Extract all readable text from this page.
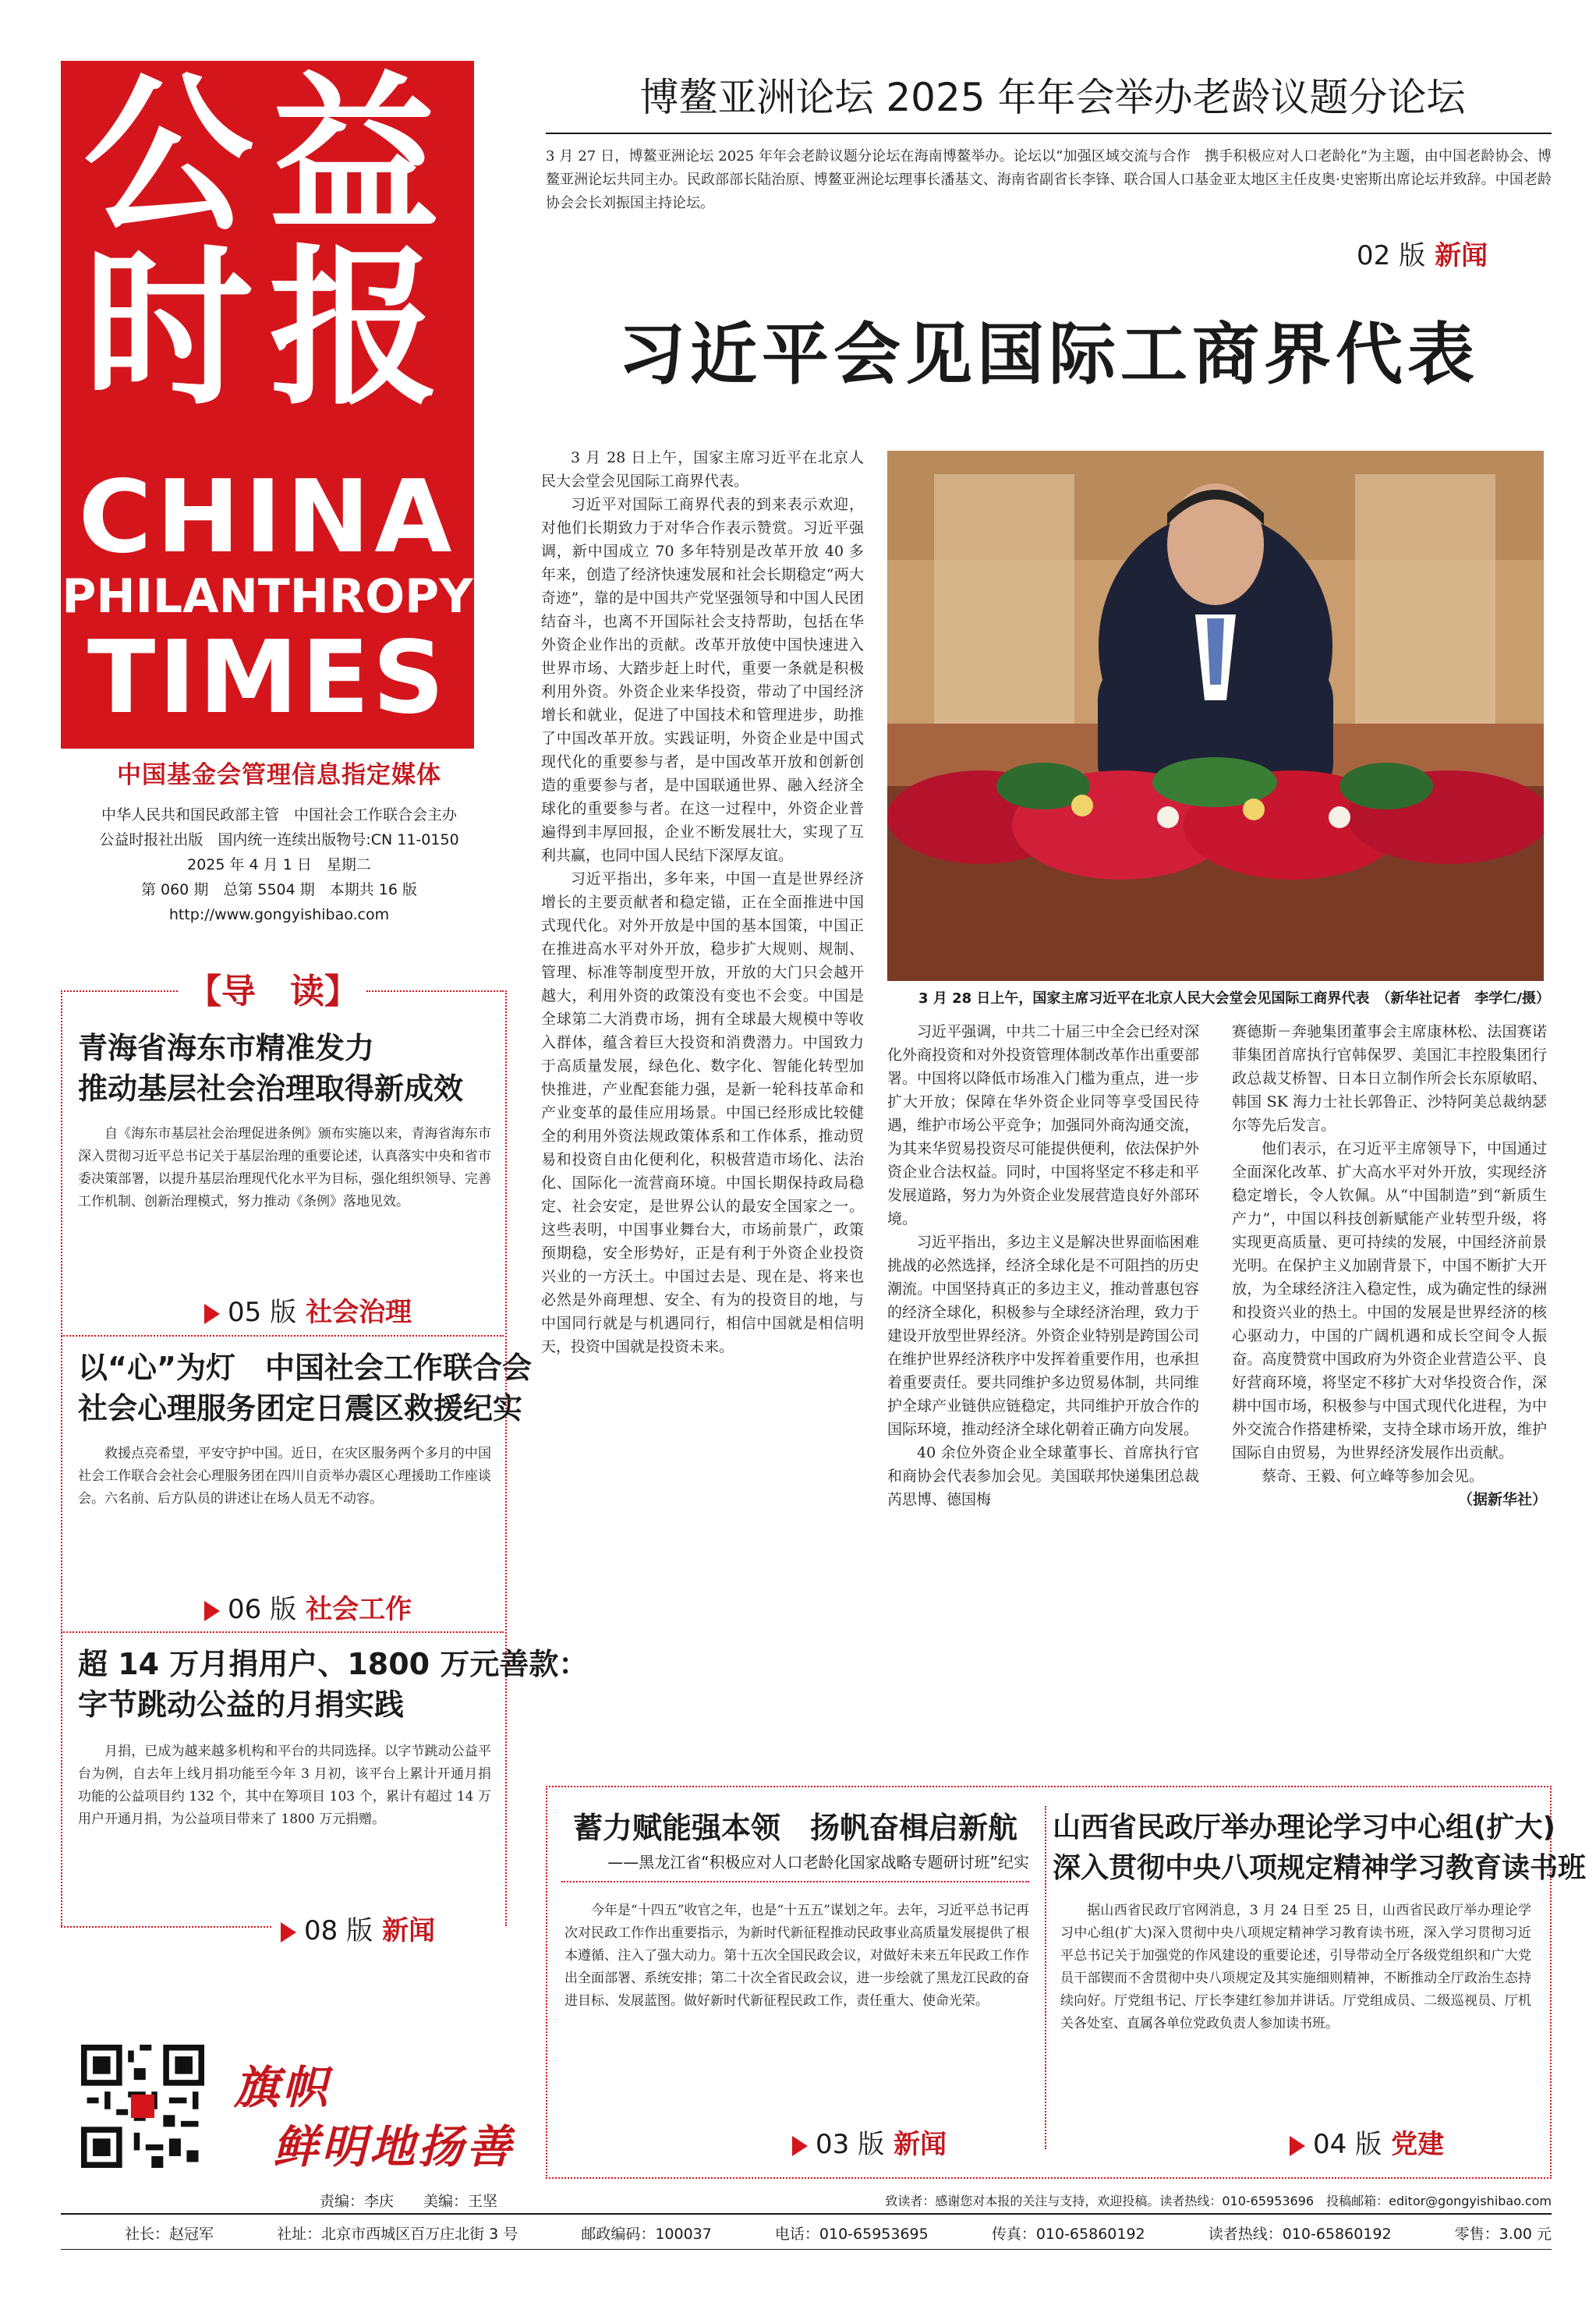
公益
时报
CHINA
PHILANTHROPY
TIMES
中国基金会管理信息指定媒体
中华人民共和国民政部主管　中国社会工作联合会主办
公益时报社出版　国内统一连续出版物号:CN 11-0150
2025 年 4 月 1 日　星期二
第 060 期　总第 5504 期　本期共 16 版
http://www.gongyishibao.com
博鳌亚洲论坛 2025 年年会举办老龄议题分论坛
3 月 27 日，博鳌亚洲论坛 2025 年年会老龄议题分论坛在海南博鳌举办。论坛以“加强区域交流与合作　携手积极应对人口老龄化”为主题，由中国老龄协会、博鳌亚洲论坛共同主办。民政部部长陆治原、博鳌亚洲论坛理事长潘基文、海南省副省长李锋、联合国人口基金亚太地区主任皮奥·史密斯出席论坛并致辞。中国老龄协会会长刘振国主持论坛。
02 版 新闻
习近平会见国际工商界代表

3 月 28 日上午，国家主席习近平在北京人民大会堂会见国际工商界代表。

习近平对国际工商界代表的到来表示欢迎，对他们长期致力于对华合作表示赞赏。习近平强调，新中国成立 70 多年特别是改革开放 40 多年来，创造了经济快速发展和社会长期稳定“两大奇迹”，靠的是中国共产党坚强领导和中国人民团结奋斗，也离不开国际社会支持帮助，包括在华外资企业作出的贡献。改革开放使中国快速进入世界市场、大踏步赶上时代，重要一条就是积极利用外资。外资企业来华投资，带动了中国经济增长和就业，促进了中国技术和管理进步，助推了中国改革开放。实践证明，外资企业是中国式现代化的重要参与者，是中国改革开放和创新创造的重要参与者，是中国联通世界、融入经济全球化的重要参与者。在这一过程中，外资企业普遍得到丰厚回报，企业不断发展壮大，实现了互利共赢，也同中国人民结下深厚友谊。

习近平指出，多年来，中国一直是世界经济增长的主要贡献者和稳定锚，正在全面推进中国式现代化。对外开放是中国的基本国策，中国正在推进高水平对外开放，稳步扩大规则、规制、管理、标准等制度型开放，开放的大门只会越开越大，利用外资的政策没有变也不会变。中国是全球第二大消费市场，拥有全球最大规模中等收入群体，蕴含着巨大投资和消费潜力。中国致力于高质量发展，绿色化、数字化、智能化转型加快推进，产业配套能力强，是新一轮科技革命和产业变革的最佳应用场景。中国已经形成比较健全的利用外资法规政策体系和工作体系，推动贸易和投资自由化便利化，积极营造市场化、法治化、国际化一流营商环境。中国长期保持政局稳定、社会安定，是世界公认的最安全国家之一。这些表明，中国事业舞台大，市场前景广，政策预期稳，安全形势好，正是有利于外资企业投资兴业的一方沃土。中国过去是、现在是、将来也必然是外商理想、安全、有为的投资目的地，与中国同行就是与机遇同行，相信中国就是相信明天，投资中国就是投资未来。

3 月 28 日上午，国家主席习近平在北京人民大会堂会见国际工商界代表　（新华社记者　李学仁/摄）

习近平强调，中共二十届三中全会已经对深化外商投资和对外投资管理体制改革作出重要部署。中国将以降低市场准入门槛为重点，进一步扩大开放；保障在华外资企业同等享受国民待遇，维护市场公平竞争；加强同外商沟通交流，为其来华贸易投资尽可能提供便利，依法保护外资企业合法权益。同时，中国将坚定不移走和平发展道路，努力为外资企业发展营造良好外部环境。

习近平指出，多边主义是解决世界面临困难挑战的必然选择，经济全球化是不可阻挡的历史潮流。中国坚持真正的多边主义，推动普惠包容的经济全球化，积极参与全球经济治理，致力于建设开放型世界经济。外资企业特别是跨国公司在维护世界经济秩序中发挥着重要作用，也承担着重要责任。要共同维护多边贸易体制，共同维护全球产业链供应链稳定，共同维护开放合作的国际环境，推动经济全球化朝着正确方向发展。

40 余位外资企业全球董事长、首席执行官和商协会代表参加会见。美国联邦快递集团总裁芮思博、德国梅

赛德斯－奔驰集团董事会主席康林松、法国赛诺菲集团首席执行官韩保罗、美国汇丰控股集团行政总裁艾桥智、日本日立制作所会长东原敏昭、韩国 SK 海力士社长郭鲁正、沙特阿美总裁纳瑟尔等先后发言。

他们表示，在习近平主席领导下，中国通过全面深化改革、扩大高水平对外开放，实现经济稳定增长，令人钦佩。从“中国制造”到“新质生产力”，中国以科技创新赋能产业转型升级，将实现更高质量、更可持续的发展，中国经济前景光明。在保护主义加剧背景下，中国不断扩大开放，为全球经济注入稳定性，成为确定性的绿洲和投资兴业的热土。中国的发展是世界经济的核心驱动力，中国的广阔机遇和成长空间令人振奋。高度赞赏中国政府为外资企业营造公平、良好营商环境，将坚定不移扩大对华投资合作，深耕中国市场，积极参与中国式现代化进程，为中外交流合作搭建桥梁，支持全球市场开放，维护国际自由贸易，为世界经济发展作出贡献。

蔡奇、王毅、何立峰等参加会见。

（据新华社）

【导　读】
青海省海东市精准发力
推动基层社会治理取得新成效
自《海东市基层社会治理促进条例》颁布实施以来，青海省海东市深入贯彻习近平总书记关于基层治理的重要论述，认真落实中央和省市委决策部署，以提升基层治理现代化水平为目标，强化组织领导、完善工作机制、创新治理模式，努力推动《条例》落地见效。
05 版 社会治理
以“心”为灯　中国社会工作联合会
社会心理服务团定日震区救援纪实
救援点亮希望，平安守护中国。近日，在灾区服务两个多月的中国社会工作联合会社会心理服务团在四川自贡举办震区心理援助工作座谈会。六名前、后方队员的讲述让在场人员无不动容。
06 版 社会工作
超 14 万月捐用户、1800 万元善款：
字节跳动公益的月捐实践
月捐，已成为越来越多机构和平台的共同选择。以字节跳动公益平台为例，自去年上线月捐功能至今年 3 月初，该平台上累计开通月捐功能的公益项目约 132 个，其中在筹项目 103 个，累计有超过 14 万用户开通月捐，为公益项目带来了 1800 万元捐赠。
08 版 新闻
旗帜
鲜明地扬善
蓄力赋能强本领　扬帆奋楫启新航
——黑龙江省“积极应对人口老龄化国家战略专题研讨班”纪实
今年是“十四五”收官之年，也是“十五五”谋划之年。去年，习近平总书记再次对民政工作作出重要指示，为新时代新征程推动民政事业高质量发展提供了根本遵循、注入了强大动力。第十五次全国民政会议，对做好未来五年民政工作作出全面部署、系统安排；第二十次全省民政会议，进一步绘就了黑龙江民政的奋进目标、发展蓝图。做好新时代新征程民政工作，责任重大、使命光荣。
03 版 新闻
山西省民政厅举办理论学习中心组(扩大)
深入贯彻中央八项规定精神学习教育读书班
据山西省民政厅官网消息，3 月 24 日至 25 日，山西省民政厅举办理论学习中心组(扩大)深入贯彻中央八项规定精神学习教育读书班，深入学习贯彻习近平总书记关于加强党的作风建设的重要论述，引导带动全厅各级党组织和广大党员干部锲而不舍贯彻中央八项规定及其实施细则精神，不断推动全厅政治生态持续向好。厅党组书记、厅长李建红参加并讲话。厅党组成员、二级巡视员、厅机关各处室、直属各单位党政负责人参加读书班。
04 版 党建
责编：李庆　　美编：王坚	致读者：感谢您对本报的关注与支持，欢迎投稿。读者热线：010-65953696　投稿邮箱：editor@gongyishibao.com
社长：赵冠军	社址：北京市西城区百万庄北街 3 号	邮政编码：100037	电话：010-65953695	传真：010-65860192	读者热线：010-65860192	零售：3.00 元
